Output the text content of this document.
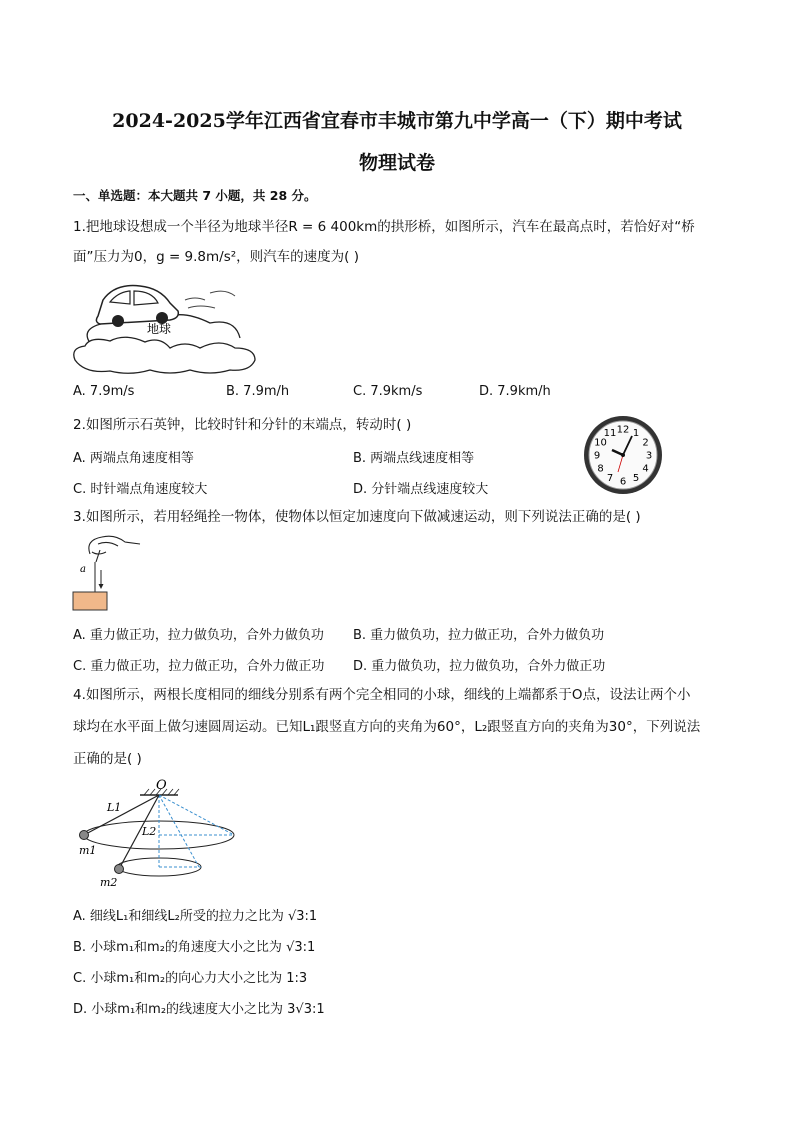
2024-2025学年江西省宜春市丰城市第九中学高一（下）期中考试
物理试卷
一、单选题：本大题共 7 小题，共 28 分。
1.把地球设想成一个半径为地球半径R = 6 400km的拱形桥，如图所示，汽车在最高点时，若恰好对“桥
面”压力为0，g = 9.8m/s²，则汽车的速度为( )
地球
A. 7.9m/s	B. 7.9m/h	C. 7.9km/s	D. 7.9km/h
2.如图所示石英钟，比较时针和分针的末端点，转动时( )
A. 两端点角速度相等	B. 两端点线速度相等
C. 时针端点角速度较大	D. 分针端点线速度较大
12 1
2
3
4
5
6
7
8
9
10
11
3.如图所示，若用轻绳拴一物体，使物体以恒定加速度向下做减速运动，则下列说法正确的是( )
a
A. 重力做正功，拉力做负功，合外力做负功 B. 重力做负功，拉力做正功，合外力做负功
C. 重力做正功，拉力做正功，合外力做正功 D. 重力做负功，拉力做负功，合外力做正功
4.如图所示，两根长度相同的细线分别系有两个完全相同的小球，细线的上端都系于O点，设法让两个小
球均在水平面上做匀速圆周运动。已知L₁跟竖直方向的夹角为60°，L₂跟竖直方向的夹角为30°，下列说法
正确的是( )
O
L1
L2
m1
m2
A. 细线L₁和细线L₂所受的拉力之比为 √3:1
B. 小球m₁和m₂的角速度大小之比为 √3:1
C. 小球m₁和m₂的向心力大小之比为 1:3
D. 小球m₁和m₂的线速度大小之比为 3√3:1
